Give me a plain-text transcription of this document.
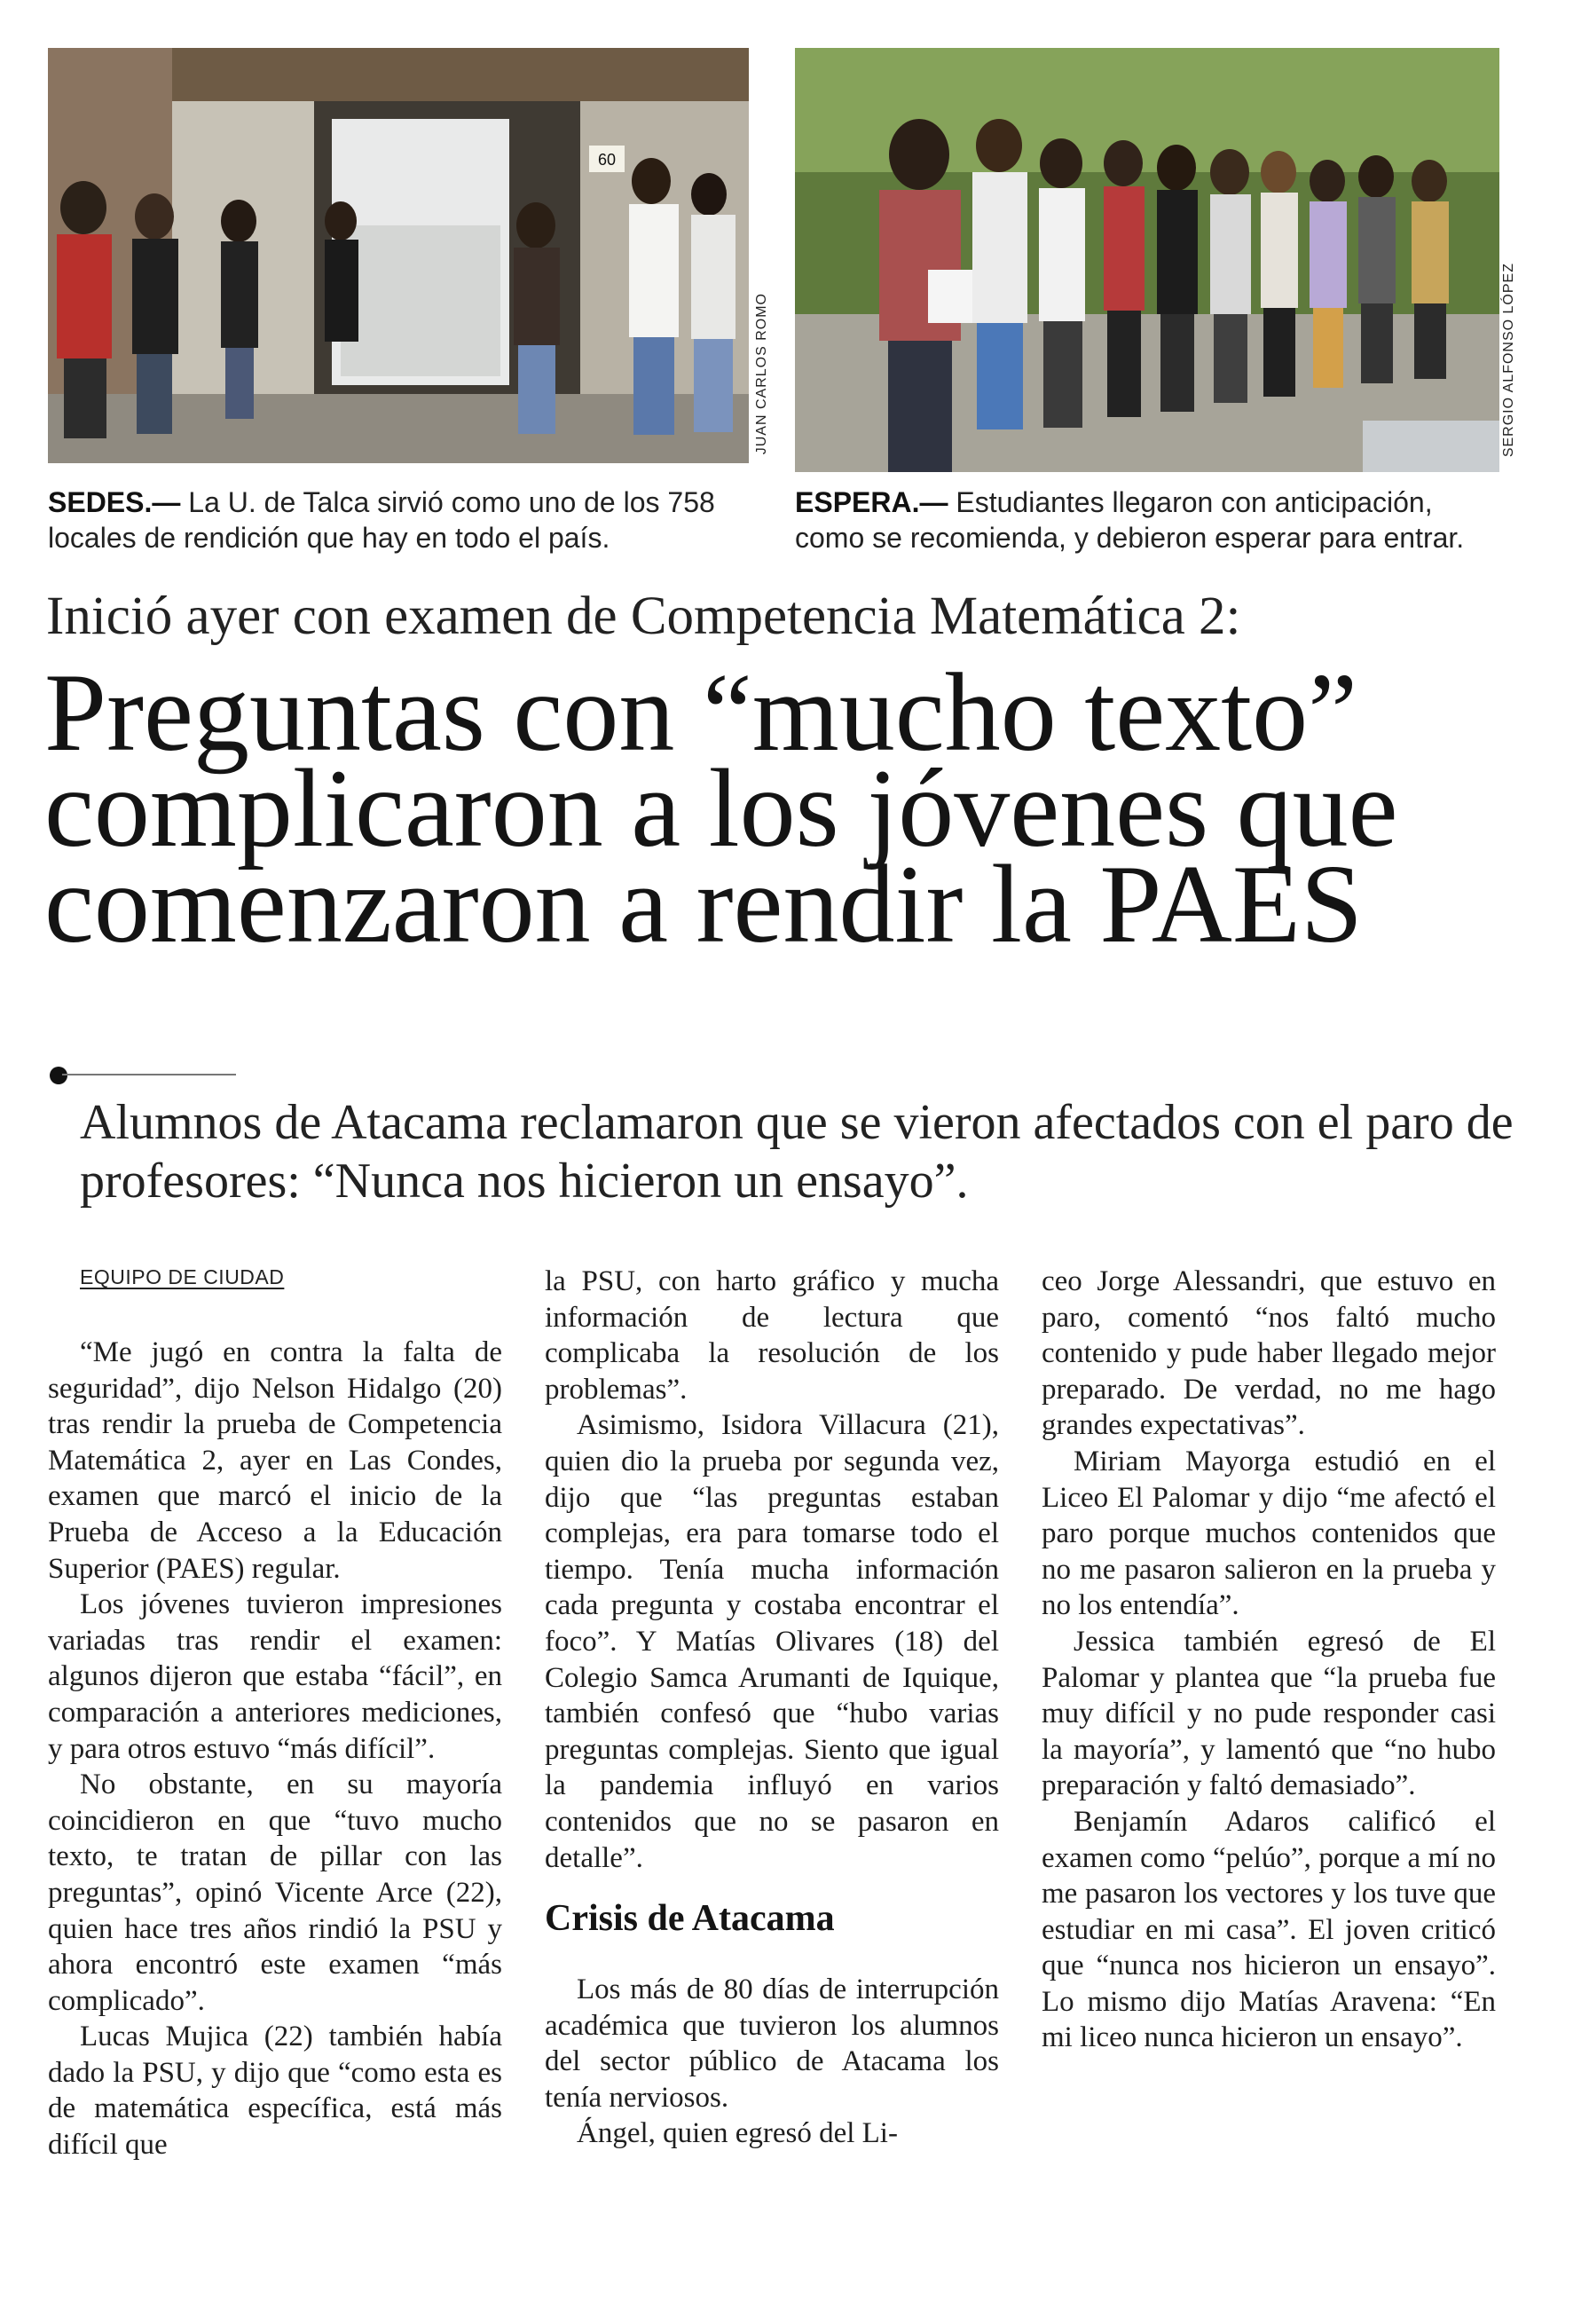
60
JUAN CARLOS ROMO

SEDES.— La U. de Talca sirvió como uno de los 758 locales de rendición que hay en todo el país.

SERGIO ALFONSO LÓPEZ

ESPERA.— Estudiantes llegaron con anticipación, como se recomienda, y debieron esperar para entrar.

Inició ayer con examen de Competencia Matemática 2:
Preguntas con “mucho texto”
complicaron a los jóvenes que
comenzaron a rendir la PAES

Alumnos de Atacama reclamaron que se vieron afectados con el paro de profesores: “Nunca nos hicieron un ensayo”.

EQUIPO DE CIUDAD

“Me jugó en contra la falta de seguridad”, dijo Nelson Hidalgo (20) tras rendir la prueba de Competencia Matemática 2, ayer en Las Condes, examen que marcó el inicio de la Prueba de Acceso a la Educación Superior (PAES) regular.

Los jóvenes tuvieron impresiones variadas tras rendir el examen: algunos dijeron que estaba “fácil”, en comparación a anteriores mediciones, y para otros estuvo “más difícil”.

No obstante, en su mayoría coincidieron en que “tuvo mucho texto, te tratan de pillar con las preguntas”, opinó Vicente Arce (22), quien hace tres años rindió la PSU y ahora encontró este examen “más complicado”.

Lucas Mujica (22) también había dado la PSU, y dijo que “como esta es de matemática específica, está más difícil que

la PSU, con harto gráfico y mucha información de lectura que complicaba la resolución de los problemas”.

Asimismo, Isidora Villacura (21), quien dio la prueba por segunda vez, dijo que “las preguntas estaban complejas, era para tomarse todo el tiempo. Tenía mucha información cada pregunta y costaba encontrar el foco”. Y Matías Olivares (18) del Colegio Samca Arumanti de Iquique, también confesó que “hubo varias preguntas complejas. Siento que igual la pandemia influyó en varios contenidos que no se pasaron en detalle”.

Crisis de Atacama

Los más de 80 días de interrupción académica que tuvieron los alumnos del sector público de Atacama los tenía nerviosos.

Ángel, quien egresó del Li-

ceo Jorge Alessandri, que estuvo en paro, comentó “nos faltó mucho contenido y pude haber llegado mejor preparado. De verdad, no me hago grandes expectativas”.

Miriam Mayorga estudió en el Liceo El Palomar y dijo “me afectó el paro porque muchos contenidos que no me pasaron salieron en la prueba y no los entendía”.

Jessica también egresó de El Palomar y plantea que “la prueba fue muy difícil y no pude responder casi la mayoría”, y lamentó que “no hubo preparación y faltó demasiado”.

Benjamín Adaros calificó el examen como “pelúo”, porque a mí no me pasaron los vectores y los tuve que estudiar en mi casa”. El joven criticó que “nunca nos hicieron un ensayo”. Lo mismo dijo Matías Aravena: “En mi liceo nunca hicieron un ensayo”.
